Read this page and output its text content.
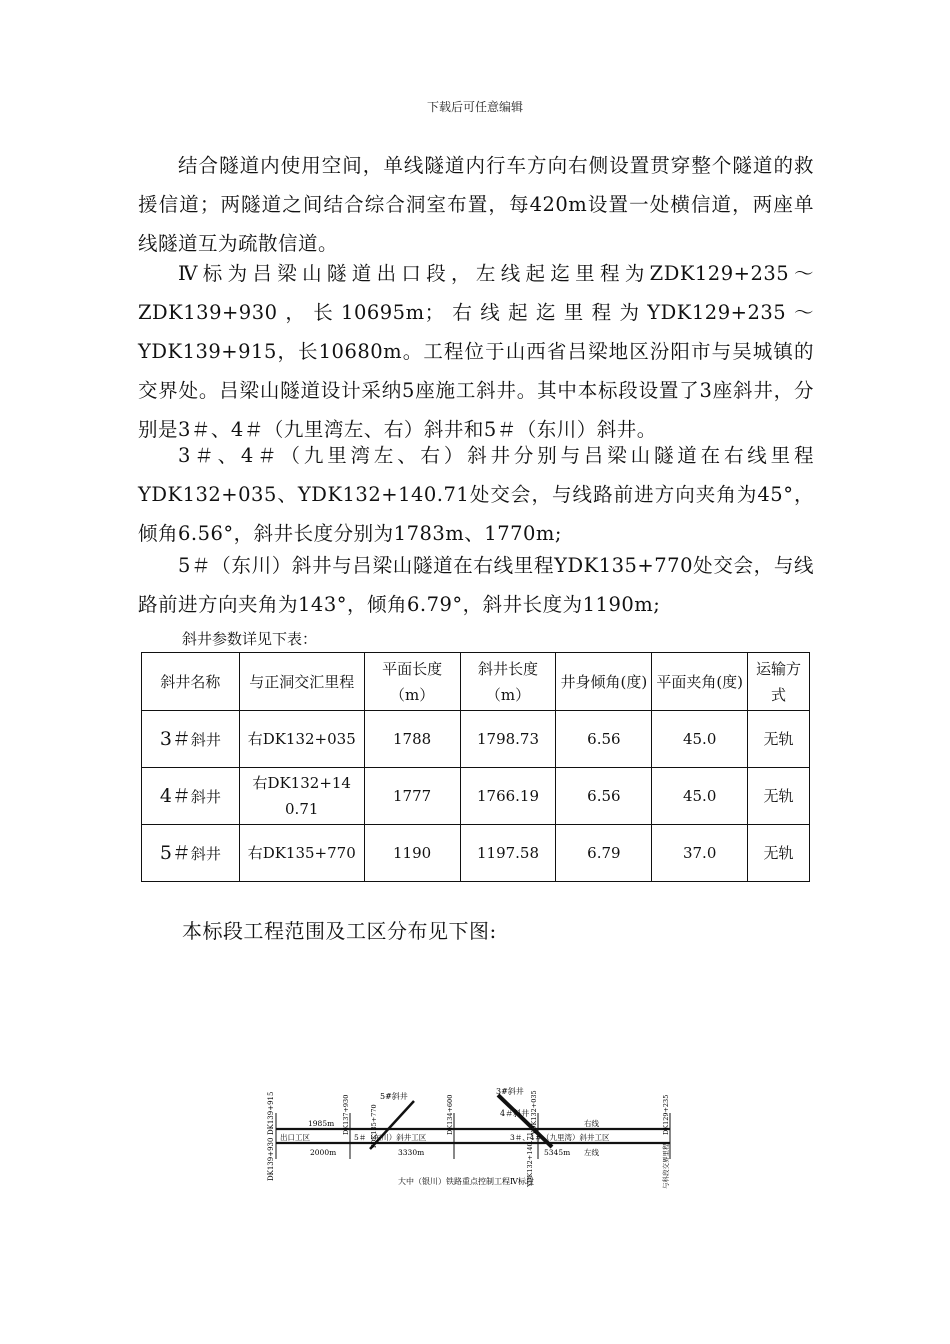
下载后可任意编辑

结合隧道内使用空间，单线隧道内行车方向右侧设置贯穿整个隧道的救援信道；两隧道之间结合综合洞室布置，每420m设置一处横信道，两座单线隧道互为疏散信道。

Ⅳ标为吕梁山隧道出口段，左线起迄里程为ZDK129+235～ZDK139+930，长10695m；右线起迄里程为YDK129+235～YDK139+915，长10680m。工程位于山西省吕梁地区汾阳市与吴城镇的交界处。吕梁山隧道设计采纳5座施工斜井。其中本标段设置了3座斜井，分别是3＃、4＃（九里湾左、右）斜井和5＃（东川）斜井。

3＃、4＃（九里湾左、右）斜井分别与吕梁山隧道在右线里程YDK132+035、YDK132+140.71处交会，与线路前进方向夹角为45°，倾角6.56°，斜井长度分别为1783m、1770m;

5＃（东川）斜井与吕梁山隧道在右线里程YDK135+770处交会，与线路前进方向夹角为143°，倾角6.79°，斜井长度为1190m;

斜井参数详见下表：
斜井名称	与正洞交汇里程	平面长度（m）	斜井长度（m）	井身倾角(度)	平面夹角(度)	运输方式
3＃斜井	右DK132+035	1788	1798.73	6.56	45.0	无轨
4＃斜井	右DK132+140.71	1777	1766.19	6.56	45.0	无轨
5＃斜井	右DK135+770	1190	1197.58	6.79	37.0	无轨
本标段工程范围及工区分布见下图:
5#斜井
3#斜井
4＃斜井
DK139+915
DK139+930
出口工区
1985m
2000m
DK137+930	YDK135+770
5＃（东川）斜井工区
3330m
DK134+600
3＃、4＃（九里湾）斜井工区
YDK132+035
YDK132+140.71 5345m
右线
左线
DK129+235
与科段交界里程
大中（银川）铁路重点控制工程Ⅳ标段
